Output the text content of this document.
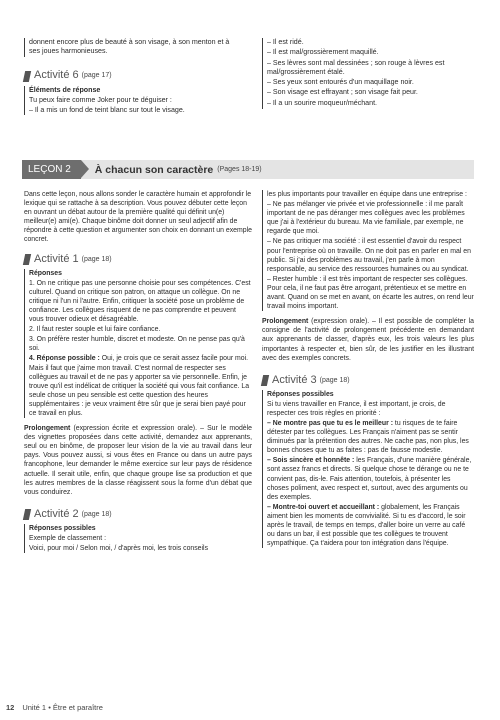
donnent encore plus de beauté à son visage, à son menton et à ses joues harmonieuses.

Activité 6 (page 17)

Éléments de réponse

Tu peux faire comme Joker pour te déguiser :

– Il a mis un fond de teint blanc sur tout le visage.

– Il est ridé.

– Il est mal/grossièrement maquillé.

– Ses lèvres sont mal dessinées ; son rouge à lèvres est mal/grossièrement étalé.

– Ses yeux sont entourés d'un maquillage noir.

– Son visage est effrayant ; son visage fait peur.

– Il a un sourire moqueur/méchant.

LEÇON 2	À chacun son caractère (Pages 18-19)

Dans cette leçon, nous allons sonder le caractère humain et approfondir le lexique qui se rattache à sa description. Vous pouvez débuter cette leçon en ouvrant un débat autour de la première qualité qui définit un(e) meilleur(e) ami(e). Chaque binôme doit donner un seul adjectif afin de répondre à cette question et argumenter son choix en donnant un exemple concret.

Activité 1 (page 18)

Réponses

1. On ne critique pas une personne choisie pour ses compétences. C'est culturel. Quand on critique son patron, on attaque un collègue. On ne critique ni l'un ni l'autre. Enfin, critiquer la société pose un problème de confiance. Les collègues risquent de ne pas comprendre et peuvent vous trouver odieux et désagréable.

2. Il faut rester souple et lui faire confiance.

3. On préfère rester humble, discret et modeste. On ne pense pas qu'à soi.

4. Réponse possible : Oui, je crois que ce serait assez facile pour moi. Mais il faut que j'aime mon travail. C'est normal de respecter ses collègues au travail et de ne pas y apporter sa vie personnelle. Enfin, je trouve qu'il est indélicat de critiquer la société qui vous fait confiance. La seule chose un peu sensible est cette question des heures supplémentaires : je veux vraiment être sûr que je serai bien payé pour ce travail en plus.

Prolongement (expression écrite et expression orale). – Sur le modèle des vignettes proposées dans cette activité, demandez aux apprenants, seul ou en binôme, de proposer leur vision de la vie au travail dans leur pays. Vous pouvez aussi, si vous êtes en France ou dans un autre pays francophone, leur demander le même exercice sur leur pays de résidence actuelle. Il serait utile, enfin, que chaque groupe lise sa production et que les autres membres de la classe réagissent sous la forme d'un débat que vous conduirez.

Activité 2 (page 18)

Réponses possibles

Exemple de classement :

Voici, pour moi / Selon moi, / d'après moi, les trois conseils

les plus importants pour travailler en équipe dans une entreprise :

– Ne pas mélanger vie privée et vie professionnelle : il me paraît important de ne pas déranger mes collègues avec les problèmes que j'ai à l'extérieur du bureau. Ma vie familiale, par exemple, ne regarde que moi.

– Ne pas critiquer ma société : il est essentiel d'avoir du respect pour l'entreprise où on travaille. On ne doit pas en parler en mal en public. Si j'ai des problèmes au travail, j'en parle à mon responsable, au service des ressources humaines ou au syndicat.

– Rester humble : il est très important de respecter ses collègues. Pour cela, il ne faut pas être arrogant, prétentieux et se mettre en avant. Quand on se met en avant, on écarte les autres, on rend leur travail moins important.

Prolongement (expression orale). – Il est possible de compléter la consigne de l'activité de prolongement précédente en demandant aux apprenants de classer, d'après eux, les trois valeurs les plus importantes à respecter et, bien sûr, de les justifier en les illustrant avec des exemples concrets.

Activité 3 (page 18)

Réponses possibles

Si tu viens travailler en France, il est important, je crois, de respecter ces trois règles en priorité :

– Ne montre pas que tu es le meilleur : tu risques de te faire détester par tes collègues. Les Français n'aiment pas se sentir diminués par la prétention des autres. Ne cache pas, non plus, les bonnes choses que tu as faites : pas de fausse modestie.

– Sois sincère et honnête : les Français, d'une manière générale, sont assez francs et directs. Si quelque chose te dérange ou ne te convient pas, dis-le. Fais attention, toutefois, à présenter les choses poliment, avec respect et, surtout, avec des arguments ou des exemples.

– Montre-toi ouvert et accueillant : globalement, les Français aiment bien les moments de convivialité. Si tu es d'accord, le soir après le travail, de temps en temps, d'aller boire un verre au café ou dans un bar, il est possible que tes collègues te trouvent sympathique. Ça t'aidera pour ton intégration dans l'équipe.

12 Unité 1 • Être et paraître
